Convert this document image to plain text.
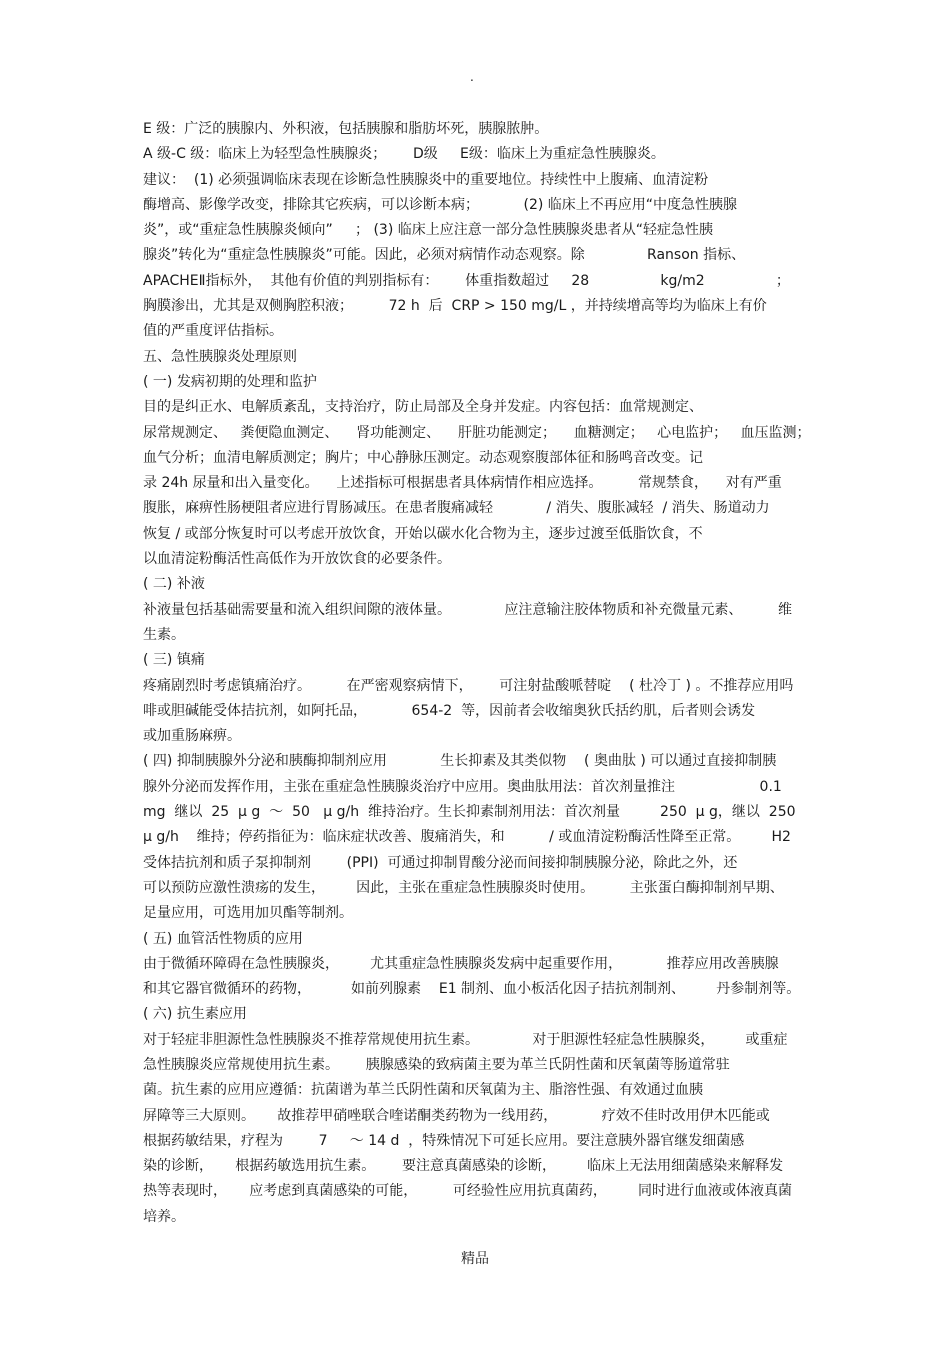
.
E 级：广泛的胰腺内、外积液，包括胰腺和脂肪坏死，胰腺脓肿。
A 级-C 级：临床上为轻型急性胰腺炎；      D级     E级：临床上为重症急性胰腺炎。
建议：  (1) 必须强调临床表现在诊断急性胰腺炎中的重要地位。持续性中上腹痛、血清淀粉
酶增高、影像学改变，排除其它疾病，可以诊断本病；          (2) 临床上不再应用“中度急性胰腺
炎”，或“重症急性胰腺炎倾向”     ； (3) 临床上应注意一部分急性胰腺炎患者从“轻症急性胰
腺炎”转化为“重症急性胰腺炎”可能。因此，必须对病情作动态观察。除              Ranson 指标、
APACHEⅡ指标外，  其他有价值的判别指标有：      体重指数超过     28                kg/m2                ；
胸膜渗出，尤其是双侧胸腔积液；        72 h  后  CRP > 150 mg/L ，并持续增高等均为临床上有价
值的严重度评估指标。
五、急性胰腺炎处理原则
( 一) 发病初期的处理和监护
目的是纠正水、电解质紊乱，支持治疗，防止局部及全身并发症。内容包括：血常规测定、
尿常规测定、   粪便隐血测定、    肾功能测定、    肝脏功能测定；    血糖测定；   心电监护；   血压监测；
血气分析；血清电解质测定；胸片；中心静脉压测定。动态观察腹部体征和肠鸣音改变。记
录 24h 尿量和出入量变化。    上述指标可根据患者具体病情作相应选择。        常规禁食，    对有严重
腹胀，麻痹性肠梗阻者应进行胃肠减压。在患者腹痛减轻            / 消失、腹胀减轻  / 消失、肠道动力
恢复 / 或部分恢复时可以考虑开放饮食，开始以碳水化合物为主，逐步过渡至低脂饮食，不
以血清淀粉酶活性高低作为开放饮食的必要条件。
( 二) 补液
补液量包括基础需要量和流入组织间隙的液体量。            应注意输注胶体物质和补充微量元素、        维
生素。
( 三) 镇痛
疼痛剧烈时考虑镇痛治疗。        在严密观察病情下，      可注射盐酸哌替啶    ( 杜冷丁 ) 。不推荐应用吗
啡或胆碱能受体拮抗剂，如阿托品，          654-2  等，因前者会收缩奥狄氏括约肌，后者则会诱发
或加重肠麻痹。
( 四) 抑制胰腺外分泌和胰酶抑制剂应用            生长抑素及其类似物    ( 奥曲肽 ) 可以通过直接抑制胰
腺外分泌而发挥作用，主张在重症急性胰腺炎治疗中应用。奥曲肽用法：首次剂量推注                   0.1
mg  继以  25  μ g  ～  50   μ g/h  维持治疗。生长抑素制剂用法：首次剂量         250  μ g，继以  250
μ g/h    维持；停药指征为：临床症状改善、腹痛消失，和          / 或血清淀粉酶活性降至正常。       H2
受体拮抗剂和质子泵抑制剂        (PPI)  可通过抑制胃酸分泌而间接抑制胰腺分泌，除此之外，还
可以预防应激性溃疡的发生，       因此，主张在重症急性胰腺炎时使用。        主张蛋白酶抑制剂早期、
足量应用，可选用加贝酯等制剂。
( 五) 血管活性物质的应用
由于微循环障碍在急性胰腺炎，       尤其重症急性胰腺炎发病中起重要作用，          推荐应用改善胰腺
和其它器官微循环的药物，         如前列腺素    E1 制剂、血小板活化因子拮抗剂制剂、       丹参制剂等。
( 六) 抗生素应用
对于轻症非胆源性急性胰腺炎不推荐常规使用抗生素。            对于胆源性轻症急性胰腺炎，       或重症
急性胰腺炎应常规使用抗生素。      胰腺感染的致病菌主要为革兰氏阴性菌和厌氧菌等肠道常驻
菌。抗生素的应用应遵循：抗菌谱为革兰氏阴性菌和厌氧菌为主、脂溶性强、有效通过血胰
屏障等三大原则。     故推荐甲硝唑联合喹诺酮类药物为一线用药，          疗效不佳时改用伊木匹能或
根据药敏结果，疗程为        7     ～ 14 d  ，特殊情况下可延长应用。要注意胰外器官继发细菌感
染的诊断，     根据药敏选用抗生素。      要注意真菌感染的诊断，       临床上无法用细菌感染来解释发
热等表现时，     应考虑到真菌感染的可能，        可经验性应用抗真菌药，       同时进行血液或体液真菌
培养。
精品
